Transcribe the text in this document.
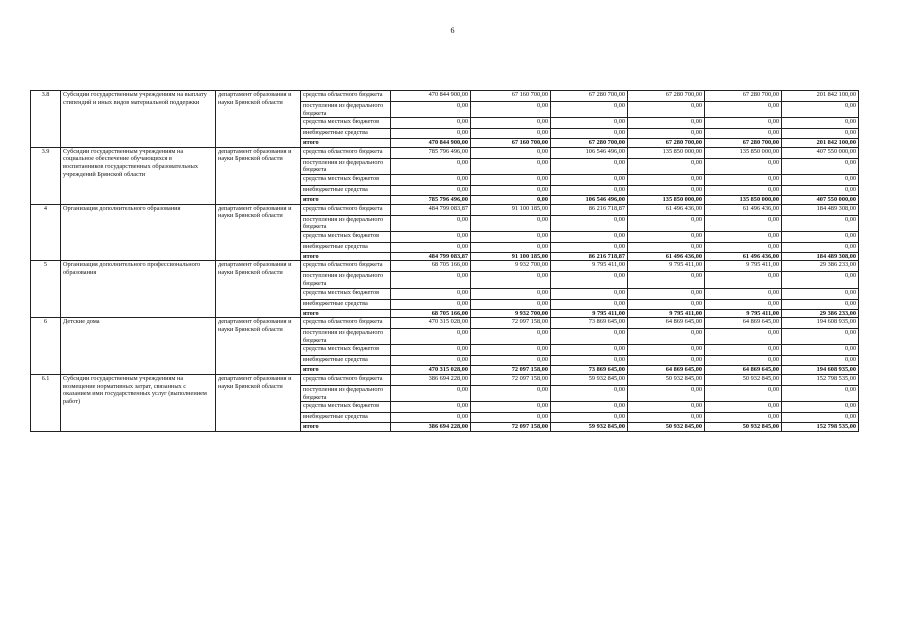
6
3.8	Субсидии государственным учреждениям на выплату стипендий и иных видов материальной поддержки	департамент образования и науки Брянской области	средства областного бюджета	470 844 900,00	67 160 700,00	67 280 700,00	67 280 700,00	67 280 700,00	201 842 100,00
			поступления из федерального бюджета	0,00	0,00	0,00	0,00	0,00	0,00
			средства местных бюджетов	0,00	0,00	0,00	0,00	0,00	0,00
			внебюджетные средства	0,00	0,00	0,00	0,00	0,00	0,00
			итого	470 844 900,00	67 160 700,00	67 280 700,00	67 280 700,00	67 280 700,00	201 842 100,00
3.9	Субсидии государственным учреждениям на социальное обеспечение обучающихся в воспитанников государственных образовательных учреждений Брянской области	департамент образования и науки Брянской области	средства областного бюджета	785 796 496,00	0,00	106 546 496,00	135 850 000,00	135 850 000,00	407 550 000,00
			поступления из федерального бюджета	0,00	0,00	0,00	0,00	0,00	0,00
			средства местных бюджетов	0,00	0,00	0,00	0,00	0,00	0,00
			внебюджетные средства	0,00	0,00	0,00	0,00	0,00	0,00
			итого	785 796 496,00	0,00	106 546 496,00	135 850 000,00	135 850 000,00	407 550 000,00
4	Организация дополнительного образования	департамент образования и науки Брянской области	средства областного бюджета	484 799 083,87	91 100 185,00	86 216 718,87	61 496 436,00	61 496 436,00	184 489 308,00
			поступления из федерального бюджета	0,00	0,00	0,00	0,00	0,00	0,00
			средства местных бюджетов	0,00	0,00	0,00	0,00	0,00	0,00
			внебюджетные средства	0,00	0,00	0,00	0,00	0,00	0,00
			итого	484 799 083,87	91 100 185,00	86 216 718,87	61 496 436,00	61 496 436,00	184 489 308,00
5	Организация дополнительного профессионального образования	департамент образования и науки Брянской области	средства областного бюджета	68 705 166,00	9 932 700,00	9 795 411,00	9 795 411,00	9 795 411,00	29 386 233,00
			поступления из федерального бюджета	0,00	0,00	0,00	0,00	0,00	0,00
			средства местных бюджетов	0,00	0,00	0,00	0,00	0,00	0,00
			внебюджетные средства	0,00	0,00	0,00	0,00	0,00	0,00
			итого	68 705 166,00	9 932 700,00	9 795 411,00	9 795 411,00	9 795 411,00	29 386 233,00
6	Детские дома	департамент образования и науки Брянской области	средства областного бюджета	470 315 028,00	72 097 158,00	73 869 645,00	64 869 645,00	64 869 645,00	194 608 935,00
			поступления из федерального бюджета	0,00	0,00	0,00	0,00	0,00	0,00
			средства местных бюджетов	0,00	0,00	0,00	0,00	0,00	0,00
			внебюджетные средства	0,00	0,00	0,00	0,00	0,00	0,00
			итого	470 315 028,00	72 097 158,00	73 869 645,00	64 869 645,00	64 869 645,00	194 608 935,00
6.1	Субсидии государственным учреждениям на возмещение нормативных затрат, связанных с оказанием ими государственных услуг (выполнением работ)	департамент образования и науки Брянской области	средства областного бюджета	386 694 228,00	72 097 158,00	59 932 845,00	50 932 845,00	50 932 845,00	152 798 535,00
			поступления из федерального бюджета	0,00	0,00	0,00	0,00	0,00	0,00
			средства местных бюджетов	0,00	0,00	0,00	0,00	0,00	0,00
			внебюджетные средства	0,00	0,00	0,00	0,00	0,00	0,00
			итого	386 694 228,00	72 097 158,00	59 932 845,00	50 932 845,00	50 932 845,00	152 798 535,00
